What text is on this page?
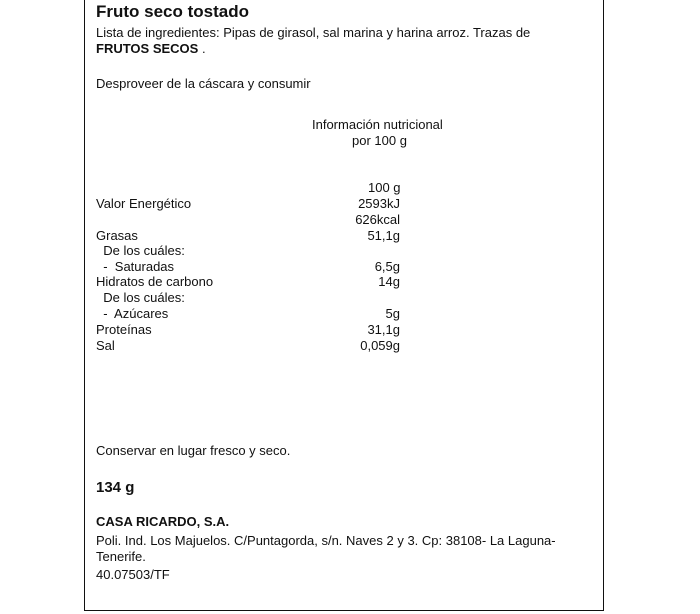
Fruto seco tostado
Lista de ingredientes: Pipas de girasol, sal marina y harina arroz. Trazas de
FRUTOS SECOS .
Desproveer de la cáscara y consumir
Información nutricional
por 100 g
100 g
Valor Energético	2593kJ
626kcal
Grasas	51,1g
De los cuáles:
-  Saturadas	6,5g
Hidratos de carbono	14g
De los cuáles:
-  Azúcares	5g
Proteínas	31,1g
Sal	0,059g
Conservar en lugar fresco y seco.
134 g
CASA RICARDO, S.A.
Poli. Ind. Los Majuelos. C/Puntagorda, s/n. Naves 2 y 3. Cp: 38108- La Laguna-
Tenerife.
40.07503/TF
